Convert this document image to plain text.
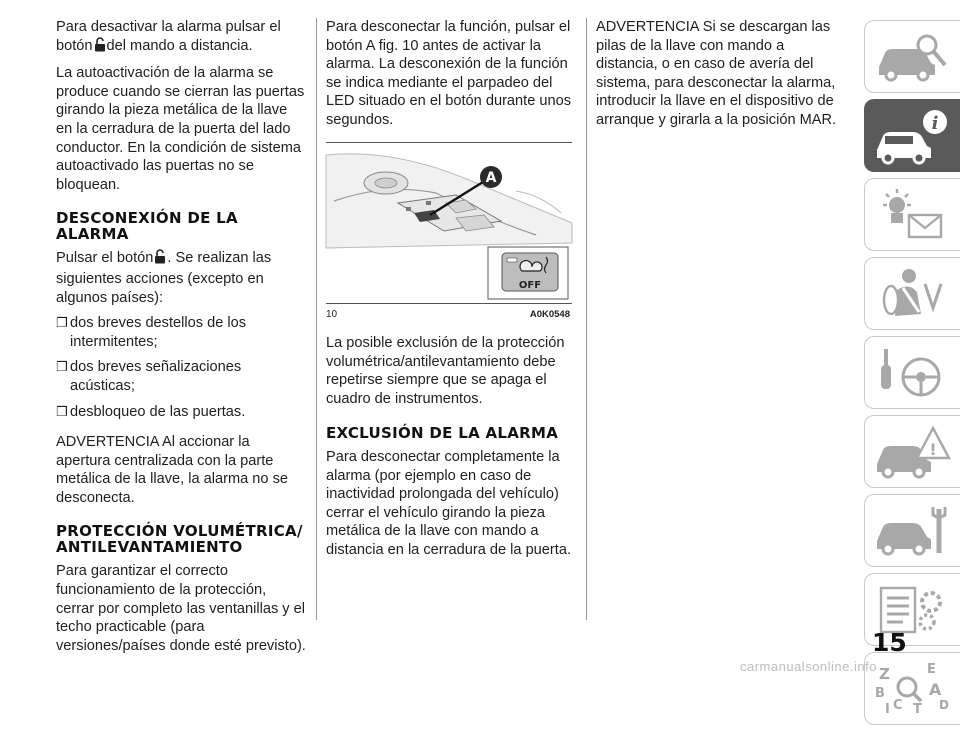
Para desactivar la alarma pulsar el
botón del mando a distancia.

La autoactivación de la alarma se produce cuando se cierran las puertas girando la pieza metálica de la llave en la cerradura de la puerta del lado conductor. En la condición de sistema autoactivado las puertas no se bloquean.

DESCONEXIÓN DE LA ALARMA

Pulsar el botón . Se realizan las siguientes acciones (excepto en algunos países):

❒ dos breves destellos de los intermitentes;
❒ dos breves señalizaciones acústicas;
❒ desbloqueo de las puertas.

ADVERTENCIA Al accionar la apertura centralizada con la parte metálica de la llave, la alarma no se desconecta.

PROTECCIÓN VOLUMÉTRICA/ ANTILEVANTAMIENTO

Para garantizar el correcto funcionamiento de la protección, cerrar por completo las ventanillas y el techo practicable (para versiones/países donde esté previsto).

Para desconectar la función, pulsar el botón A fig. 10 antes de activar la alarma. La desconexión de la función se indica mediante el parpadeo del LED situado en el botón durante unos segundos.

A
OFF
10	A0K0548

La posible exclusión de la protección volumétrica/antilevantamiento debe repetirse siempre que se apaga el cuadro de instrumentos.

EXCLUSIÓN DE LA ALARMA

Para desconectar completamente la alarma (por ejemplo en caso de inactividad prolongada del vehículo) cerrar el vehículo girando la pieza metálica de la llave con mando a distancia en la cerradura de la puerta.

ADVERTENCIA Si se descargan las pilas de la llave con mando a distancia, o en caso de avería del sistema, para desconectar la alarma, introducir la llave en el dispositivo de arranque y girarla a la posición MAR.	i
!
Z	E
B	A
C T D
I
15
carmanualsonline.info
